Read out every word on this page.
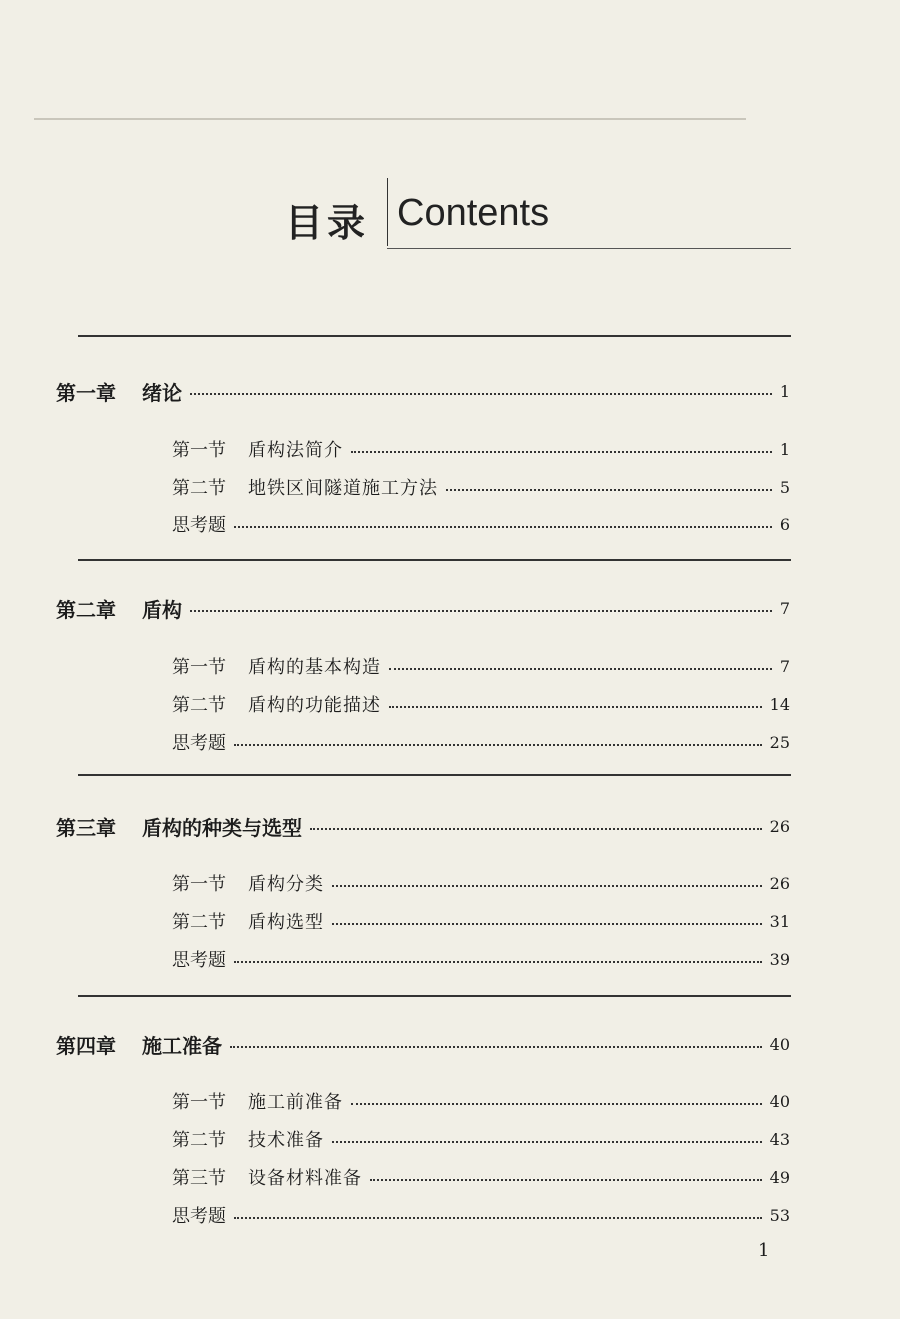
目录 Contents
第一章 绪论	1
第一节 盾构法简介	1
第二节 地铁区间隧道施工方法	5
思考题	6
第二章 盾构	7
第一节 盾构的基本构造	7
第二节 盾构的功能描述	14
思考题	25
第三章 盾构的种类与选型	26
第一节 盾构分类	26
第二节 盾构选型	31
思考题	39
第四章 施工准备	40
第一节 施工前准备	40
第二节 技术准备	43
第三节 设备材料准备	49
思考题	53
1
